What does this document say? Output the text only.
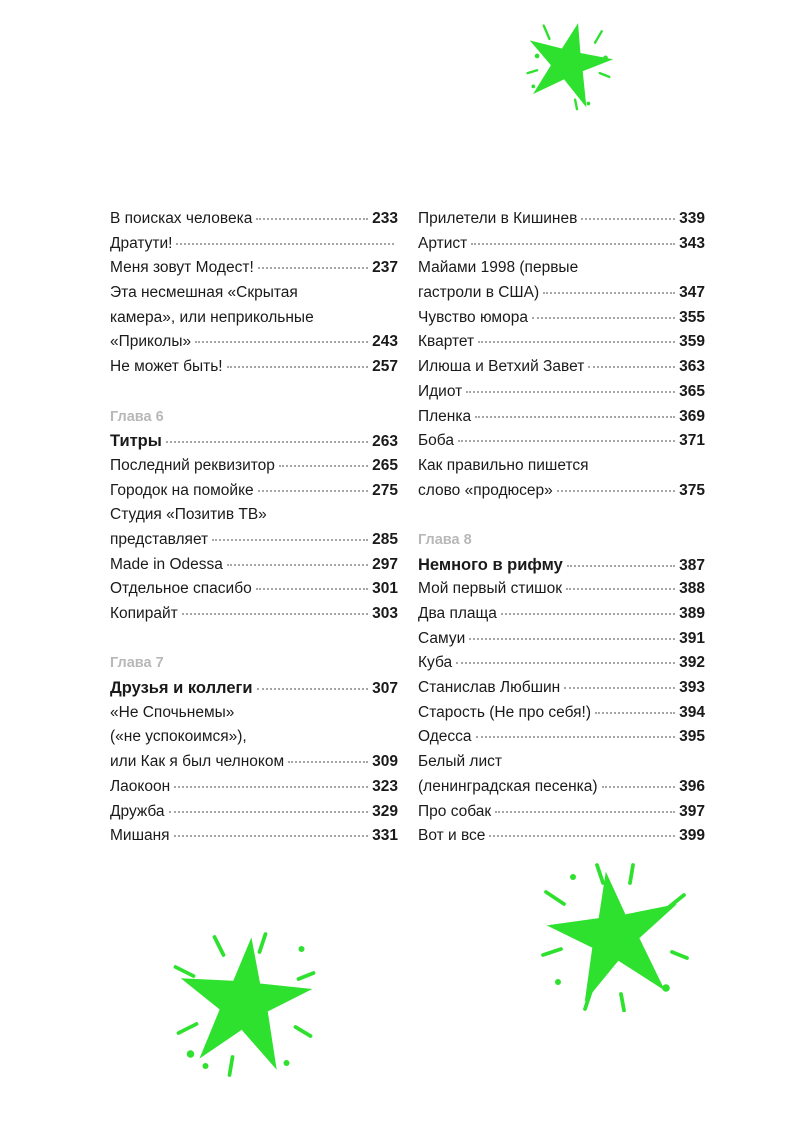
В поисках человека	233
Дратути!
Меня зовут Модест!	237
Эта несмешная «Скрытая
камера», или неприкольные
«Приколы»	243
Не может быть!	257
Глава 6
Титры	263
Последний реквизитор	265
Городок на помойке	275
Студия «Позитив ТВ»
представляет	285
Made in Odessa	297
Отдельное спасибо	301
Копирайт	303
Глава 7
Друзья и коллеги	307
«Не Спочьнемы»
(«не успокоимся»),
или Как я был челноком	309
Лаокоон	323
Дружба	329
Мишаня	331
Прилетели в Кишинев	339
Артист	343
Майами 1998 (первые
гастроли в США)	347
Чувство юмора	355
Квартет	359
Илюша и Ветхий Завет	363
Идиот	365
Пленка	369
Боба	371
Как правильно пишется
слово «продюсер»	375
Глава 8
Немного в рифму	387
Мой первый стишок	388
Два плаща	389
Самуи	391
Куба	392
Станислав Любшин	393
Старость (Не про себя!)	394
Одесса	395
Белый лист
(ленинградская песенка)	396
Про собак	397
Вот и все	399
